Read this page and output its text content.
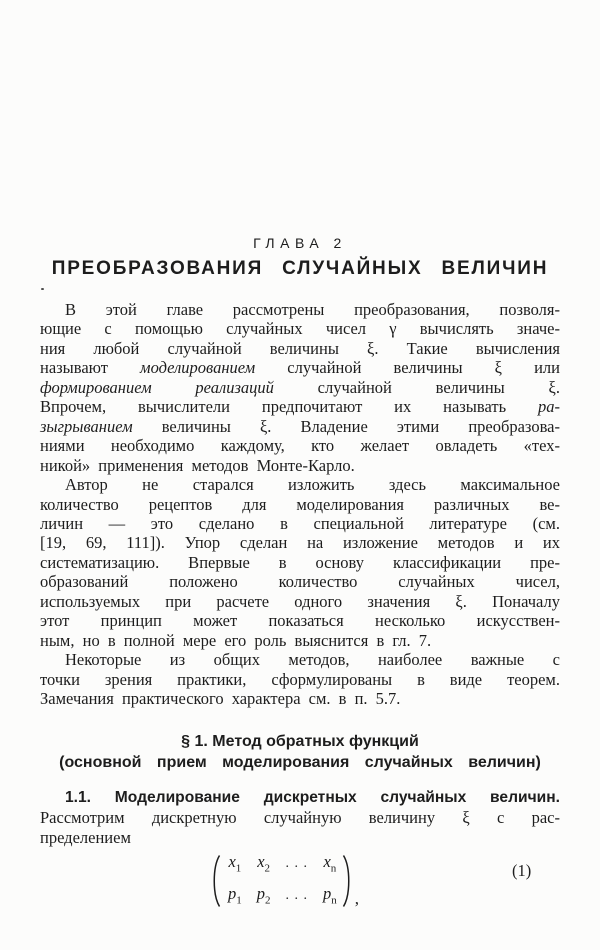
ГЛАВА 2
ПРЕОБРАЗОВАНИЯ СЛУЧАЙНЫХ ВЕЛИЧИН
В этой главе рассмотрены преобразования, позволя-
ющие с помощью случайных чисел γ вычислять значе-
ния любой случайной величины ξ. Такие вычисления
называют моделированием случайной величины ξ или
формированием реализаций случайной величины ξ.
Впрочем, вычислители предпочитают их называть ра-
зыгрыванием величины ξ. Владение этими преобразова-
ниями необходимо каждому, кто желает овладеть «тех-
никой» применения методов Монте-Карло.
Автор не старался изложить здесь максимальное
количество рецептов для моделирования различных ве-
личин — это сделано в специальной литературе (см.
[19, 69, 111]). Упор сделан на изложение методов и их
систематизацию. Впервые в основу классификации пре-
образований положено количество случайных чисел,
используемых при расчете одного значения ξ. Поначалу
этот принцип может показаться несколько искусствен-
ным, но в полной мере его роль выяснится в гл. 7.
Некоторые из общих методов, наиболее важные с
точки зрения практики, сформулированы в виде теорем.
Замечания практического характера см. в п. 5.7.
§ 1. Метод обратных функций
(основной прием моделирования случайных величин)
1.1. Моделирование дискретных случайных величин.
Рассмотрим дискретную случайную величину ξ с рас-
пределением
$x_1$ $x_2$ . . . $x_n$
$p_1$ $p_2$ . . . $p_n$ ,
(1)
